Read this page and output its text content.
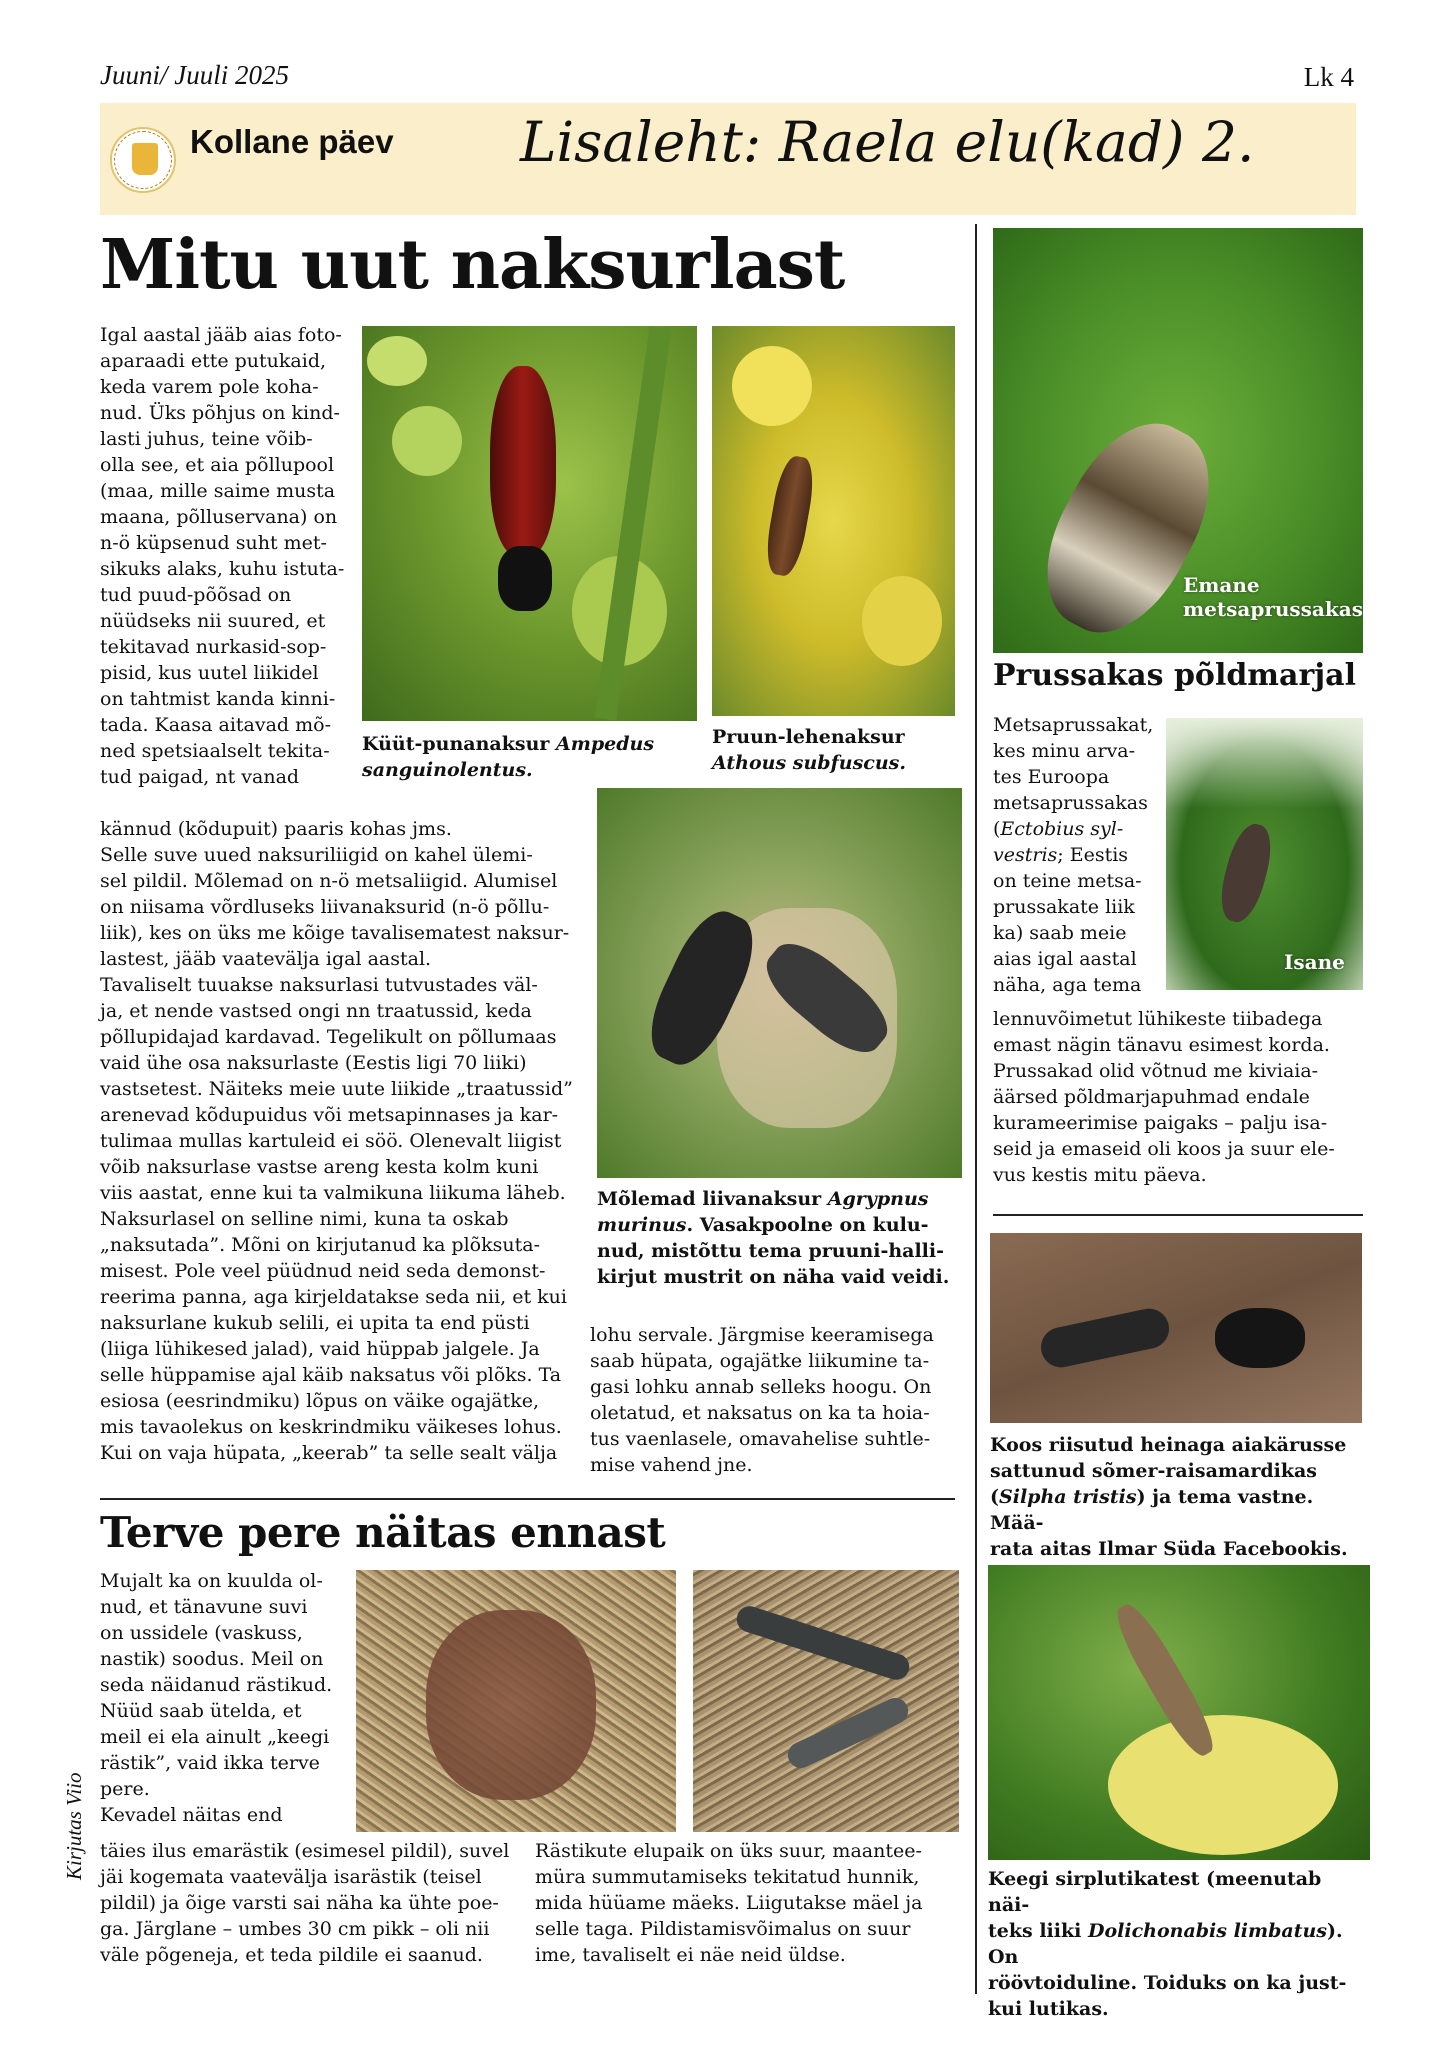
Juuni/ Juuli 2025	Lk 4
Kollane päev Lisaleht: Raela elu(kad) 2.
Mitu uut naksurlast
Igal aastal jääb aias foto-
aparaadi ette putukaid,
keda varem pole koha-
nud. Üks põhjus on kind-
lasti juhus, teine võib-
olla see, et aia põllupool
(maa, mille saime musta
maana, põlluservana) on
n-ö küpsenud suht met-
sikuks alaks, kuhu istuta-
tud puud-põõsad on
nüüdseks nii suured, et
tekitavad nurkasid-sop-
pisid, kus uutel liikidel
on tahtmist kanda kinni-
tada. Kaasa aitavad mõ-
ned spetsiaalselt tekita-
tud paigad, nt vanad
Küüt-punanaksur Ampedus
sanguinolentus.
Pruun-lehenaksur
Athous subfuscus.
Mõlemad liivanaksur Agrypnus
murinus. Vasakpoolne on kulu-
nud, mistõttu tema pruuni-halli-
kirjut mustrit on näha vaid veidi.
kännud (kõdupuit) paaris kohas jms.
Selle suve uued naksuriliigid on kahel ülemi-
sel pildil. Mõlemad on n-ö metsaliigid. Alumisel
on niisama võrdluseks liivanaksurid (n-ö põllu-
liik), kes on üks me kõige tavalisematest naksur-
lastest, jääb vaatevälja igal aastal.
Tavaliselt tuuakse naksurlasi tutvustades väl-
ja, et nende vastsed ongi nn traatussid, keda
põllupidajad kardavad. Tegelikult on põllumaas
vaid ühe osa naksurlaste (Eestis ligi 70 liiki)
vastsetest. Näiteks meie uute liikide „traatussid”
arenevad kõdupuidus või metsapinnases ja kar-
tulimaa mullas kartuleid ei söö. Olenevalt liigist
võib naksurlase vastse areng kesta kolm kuni
viis aastat, enne kui ta valmikuna liikuma läheb.
Naksurlasel on selline nimi, kuna ta oskab
„naksutada”. Mõni on kirjutanud ka plõksuta-
misest. Pole veel püüdnud neid seda demonst-
reerima panna, aga kirjeldatakse seda nii, et kui
naksurlane kukub selili, ei upita ta end püsti
(liiga lühikesed jalad), vaid hüppab jalgele. Ja
selle hüppamise ajal käib naksatus või plõks. Ta
esiosa (eesrindmiku) lõpus on väike ogajätke,
mis tavaolekus on keskrindmiku väikeses lohus.
Kui on vaja hüpata, „keerab” ta selle sealt välja
lohu servale. Järgmise keeramisega
saab hüpata, ogajätke liikumine ta-
gasi lohku annab selleks hoogu. On
oletatud, et naksatus on ka ta hoia-
tus vaenlasele, omavahelise suhtle-
mise vahend jne.
Terve pere näitas ennast
Mujalt ka on kuulda ol-
nud, et tänavune suvi
on ussidele (vaskuss,
nastik) soodus. Meil on
seda näidanud rästikud.
Nüüd saab ütelda, et
meil ei ela ainult „keegi
rästik”, vaid ikka terve
pere.
Kevadel näitas end
täies ilus emarästik (esimesel pildil), suvel
jäi kogemata vaatevälja isarästik (teisel
pildil) ja õige varsti sai näha ka ühte poe-
ga. Järglane – umbes 30 cm pikk – oli nii
väle põgeneja, et teda pildile ei saanud.
Rästikute elupaik on üks suur, maantee-
müra summutamiseks tekitatud hunnik,
mida hüüame mäeks. Liigutakse mäel ja
selle taga. Pildistamisvõimalus on suur
ime, tavaliselt ei näe neid üldse.
Kirjutas Viio
Emane
metsaprussakas
Prussakas põldmarjal
Metsaprussakat,
kes minu arva-
tes Euroopa
metsaprussakas
(Ectobius syl-
vestris; Eestis
on teine metsa-
prussakate liik
ka) saab meie
aias igal aastal
näha, aga tema
Isane
lennuvõimetut lühikeste tiibadega
emast nägin tänavu esimest korda.
Prussakad olid võtnud me kiviaia-
äärsed põldmarjapuhmad endale
kurameerimise paigaks – palju isa-
seid ja emaseid oli koos ja suur ele-
vus kestis mitu päeva.
Koos riisutud heinaga aiakärusse
sattunud sõmer-raisamardikas
(Silpha tristis) ja tema vastne. Mää-
rata aitas Ilmar Süda Facebookis.
Keegi sirplutikatest (meenutab näi-
teks liiki Dolichonabis limbatus). On
röövtoiduline. Toiduks on ka just-
kui lutikas.
